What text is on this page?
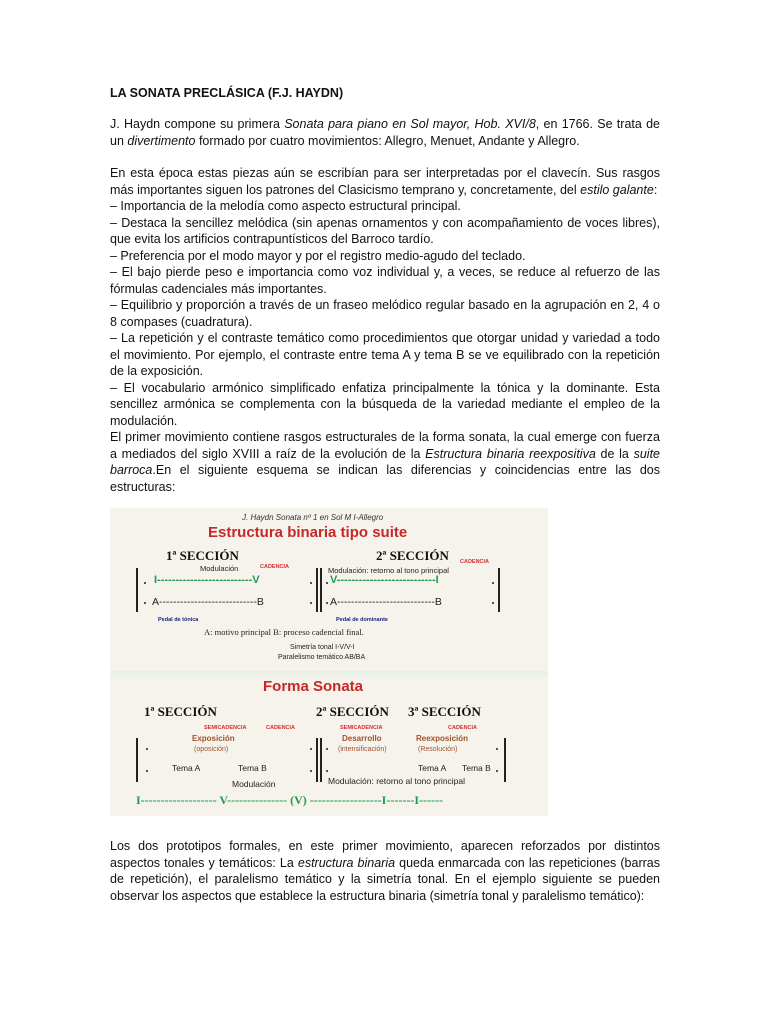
LA SONATA PRECLÁSICA (F.J. HAYDN)

J. Haydn compone su primera Sonata para piano en Sol mayor, Hob. XVI/8, en 1766. Se trata de un divertimento formado por cuatro movimientos: Allegro, Menuet, Andante y Allegro.

En esta época estas piezas aún se escribían para ser interpretadas por el clavecín. Sus rasgos más importantes siguen los patrones del Clasicismo temprano y, concretamente, del estilo galante:

– Importancia de la melodía como aspecto estructural principal.

– Destaca la sencillez melódica (sin apenas ornamentos y con acompañamiento de voces libres), que evita los artificios contrapuntísticos del Barroco tardío.

– Preferencia por el modo mayor y por el registro medio-agudo del teclado.

– El bajo pierde peso e importancia como voz individual y, a veces, se reduce al refuerzo de las fórmulas cadenciales más importantes.

– Equilibrio y proporción a través de un fraseo melódico regular basado en la agrupación en 2, 4 o 8 compases (cuadratura).

– La repetición y el contraste temático como procedimientos que otorgar unidad y variedad a todo el movimiento. Por ejemplo, el contraste entre tema A y tema B se ve equilibrado con la repetición de la exposición.

– El vocabulario armónico simplificado enfatiza principalmente la tónica y la dominante. Esta sencillez armónica se complementa con la búsqueda de la variedad mediante el empleo de la modulación.

El primer movimiento contiene rasgos estructurales de la forma sonata, la cual emerge con fuerza a mediados del siglo XVIII a raíz de la evolución de la Estructura binaria reexpositiva de la suite barroca.En el siguiente esquema se indican las diferencias y coincidencias entre las dos estructuras:

J. Haydn Sonata nº 1 en Sol M I-Allegro
Estructura binaria tipo suite
1ª SECCIÓN	2ª SECCIÓN
Modulación	CADENCIA
CADENCIA
Modulación: retorno al tono principal
I--------------------------V
A----------------------------B
V---------------------------I
A----------------------------B
Pedal de tónica	Pedal de dominante
A: motivo principal B: proceso cadencial final.
Simetría tonal I-V/V-I
Paralelismo temático AB/BA
Forma Sonata
1ª SECCIÓN	2ª SECCIÓN 3ª SECCIÓN
SEMICADENCIA	CADENCIA	SEMICADENCIA	CADENCIA
Exposición
(oposición)
Desarrollo
(intensificación)
Reexposición
(Resolución)
Tema A	Tema B
Modulación
Tema A Tema B
Modulación: retorno al tono principal
I------------------- V--------------- (V) ------------------I-------I------

Los dos prototipos formales, en este primer movimiento, aparecen reforzados por distintos aspectos tonales y temáticos: La estructura binaria queda enmarcada con las repeticiones (barras de repetición), el paralelismo temático y la simetría tonal. En el ejemplo siguiente se pueden observar los aspectos que establece la estructura binaria (simetría tonal y paralelismo temático):
